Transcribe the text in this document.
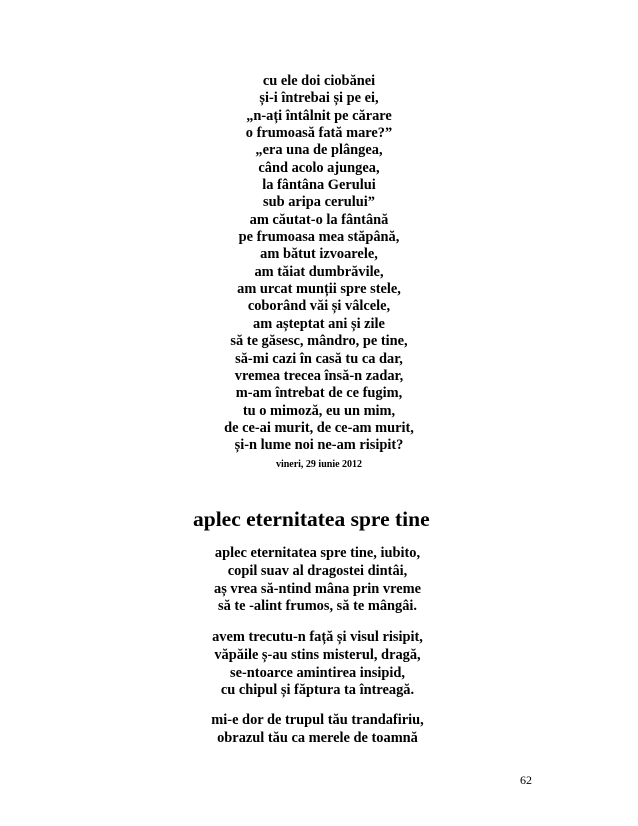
cu ele doi ciobănei
și-i întrebai și pe ei,
„n-ați întâlnit pe cărare
o frumoasă fată mare?”
„era una de plângea,
când acolo ajungea,
la fântâna Gerului
sub aripa cerului”
am căutat-o la fântână
pe frumoasa mea stăpână,
am bătut izvoarele,
am tăiat dumbrăvile,
am urcat munții spre stele,
coborând văi și vâlcele,
am așteptat ani și zile
să te găsesc, mândro, pe tine,
să-mi cazi în casă tu ca dar,
vremea trecea însă-n zadar,
m-am întrebat de ce fugim,
tu o mimoză, eu un mim,
de ce-ai murit, de ce-am murit,
și-n lume noi ne-am risipit?
vineri, 29 iunie 2012
aplec eternitatea spre tine
aplec eternitatea spre tine, iubito,
copil suav al dragostei dintâi,
aș vrea să-ntind mâna prin vreme
să te -alint frumos, să te mângâi.
avem trecutu-n față și visul risipit,
văpăile ș-au stins misterul, dragă,
se-ntoarce amintirea insipid,
cu chipul și făptura ta întreagă.
mi-e dor de trupul tău trandafiriu,
obrazul tău ca merele de toamnă
62
